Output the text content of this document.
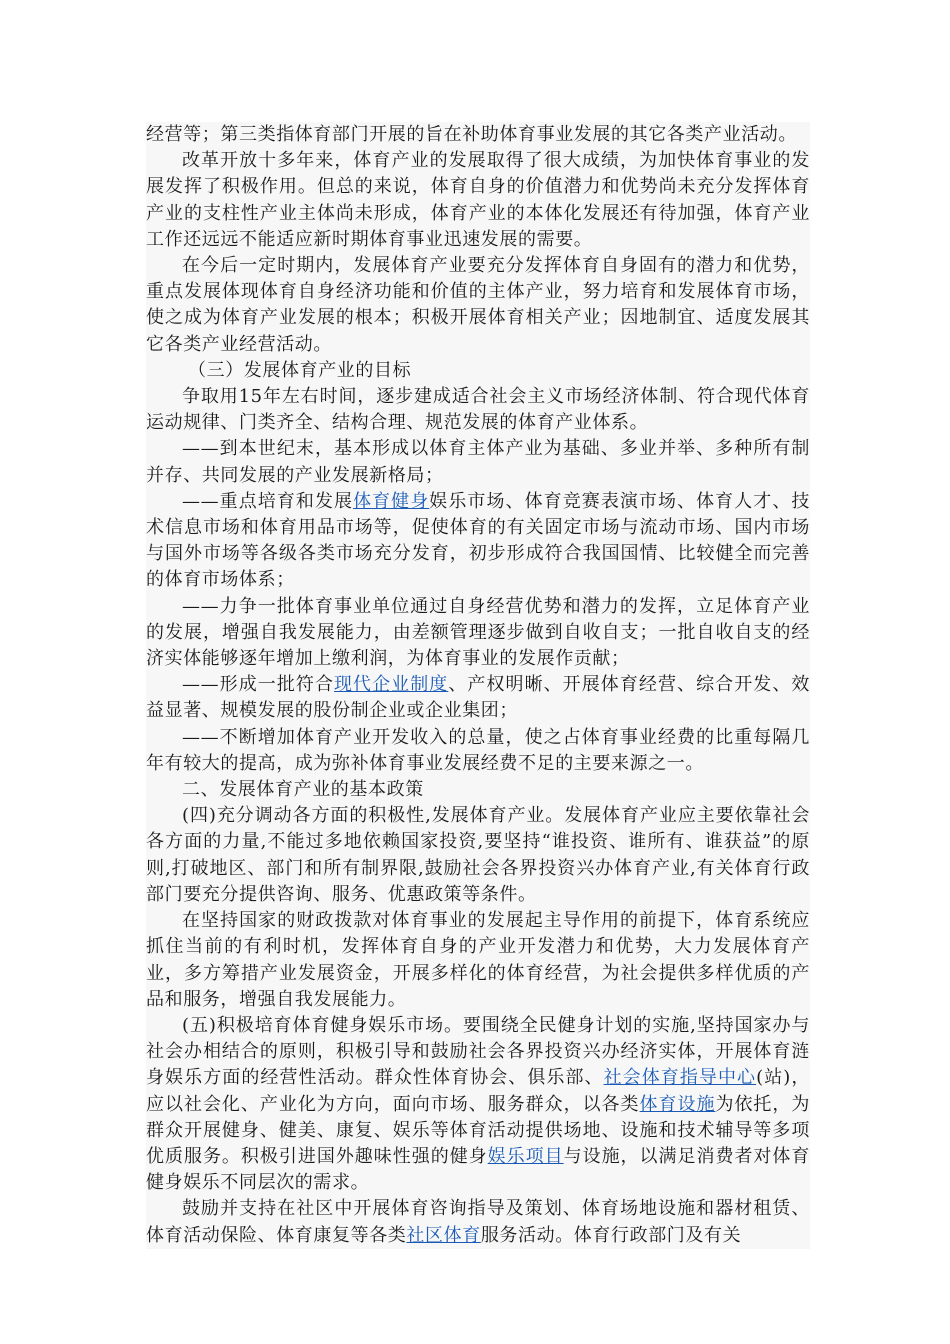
经营等；第三类指体育部门开展的旨在补助体育事业发展的其它各类产业活动。

改革开放十多年来，体育产业的发展取得了很大成绩，为加快体育事业的发展发挥了积极作用。但总的来说，体育自身的价值潜力和优势尚未充分发挥体育产业的支柱性产业主体尚未形成，体育产业的本体化发展还有待加强，体育产业工作还远远不能适应新时期体育事业迅速发展的需要。

在今后一定时期内，发展体育产业要充分发挥体育自身固有的潜力和优势，重点发展体现体育自身经济功能和价值的主体产业，努力培育和发展体育市场，使之成为体育产业发展的根本；积极开展体育相关产业；因地制宜、适度发展其它各类产业经营活动。

（三）发展体育产业的目标

争取用15年左右时间，逐步建成适合社会主义市场经济体制、符合现代体育运动规律、门类齐全、结构合理、规范发展的体育产业体系。

——到本世纪末，基本形成以体育主体产业为基础、多业并举、多种所有制并存、共同发展的产业发展新格局；

——重点培育和发展体育健身娱乐市场、体育竞赛表演市场、体育人才、技术信息市场和体育用品市场等，促使体育的有关固定市场与流动市场、国内市场与国外市场等各级各类市场充分发育，初步形成符合我国国情、比较健全而完善的体育市场体系；

——力争一批体育事业单位通过自身经营优势和潜力的发挥，立足体育产业的发展，增强自我发展能力，由差额管理逐步做到自收自支；一批自收自支的经济实体能够逐年增加上缴利润，为体育事业的发展作贡献；

——形成一批符合现代企业制度、产权明晰、开展体育经营、综合开发、效益显著、规模发展的股份制企业或企业集团；

——不断增加体育产业开发收入的总量，使之占体育事业经费的比重每隔几年有较大的提高，成为弥补体育事业发展经费不足的主要来源之一。

二、发展体育产业的基本政策

(四)充分调动各方面的积极性,发展体育产业。发展体育产业应主要依靠社会各方面的力量,不能过多地依赖国家投资,要坚持“谁投资、谁所有、谁获益”的原则,打破地区、部门和所有制界限,鼓励社会各界投资兴办体育产业,有关体育行政部门要充分提供咨询、服务、优惠政策等条件。

在坚持国家的财政拨款对体育事业的发展起主导作用的前提下，体育系统应抓住当前的有利时机，发挥体育自身的产业开发潜力和优势，大力发展体育产业，多方筹措产业发展资金，开展多样化的体育经营，为社会提供多样优质的产品和服务，增强自我发展能力。

(五)积极培育体育健身娱乐市场。要围绕全民健身计划的实施,坚持国家办与社会办相结合的原则，积极引导和鼓励社会各界投资兴办经济实体，开展体育涟身娱乐方面的经营性活动。群众性体育协会、俱乐部、社会体育指导中心(站)，应以社会化、产业化为方向，面向市场、服务群众，以各类体育设施为依托，为群众开展健身、健美、康复、娱乐等体育活动提供场地、设施和技术辅导等多项优质服务。积极引进国外趣味性强的健身娱乐项目与设施，以满足消费者对体育健身娱乐不同层次的需求。

鼓励并支持在社区中开展体育咨询指导及策划、体育场地设施和器材租赁、体育活动保险、体育康复等各类社区体育服务活动。体育行政部门及有关
